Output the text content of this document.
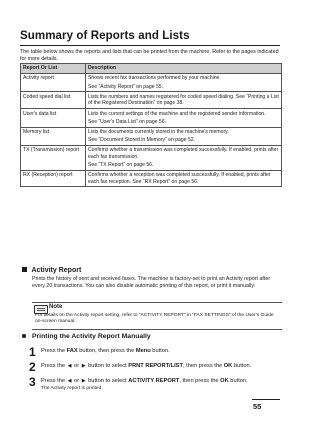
Summary of Reports and Lists
The table below shows the reports and lists that can be printed from the machine. Refer to the pages indicated for more details.
Report Or List	Description
Activity report	Shows recent fax transactions performed by your machine.
See “Activity Report” on page 55.

Coded speed dial list	Lists the numbers and names registered for coded speed dialing. See “Printing a List of the Registered Destination” on page 38.

User's data list	Lists the current settings of the machine and the registered sender information.
See “User's Data List” on page 56.

Memory list	Lists the documents currently stored in the machine's memory.
See “Document Stored in Memory” on page 52.

TX (Transmission) report	Confirms whether a transmission was completed successfully. If enabled, prints after each fax transmission.
See “TX Report” on page 56.

RX (Reception) report	Confirms whether a reception was completed successfully. If enabled, prints after each fax reception. See “RX Report” on page 56.
Activity Report
Prints the history of sent and received faxes. The machine is factory-set to print an Activity report after every 20 transactions. You can also disable automatic printing of this report, or print it manually.
Note
For details on the Activity report setting, refer to “ACTIVITY REPORT” in “FAX SETTINGS” of the User's Guide on-screen manual.
Printing the Activity Report Manually
1 Press the FAX button, then press the Menu button.
2 Press the ◀ or ▶ button to select PRNT REPORT/LIST, then press the OK button.
3 Press the ◀ or ▶ button to select ACTIVITY REPORT, then press the OK button.
The Activity report is printed.
55
